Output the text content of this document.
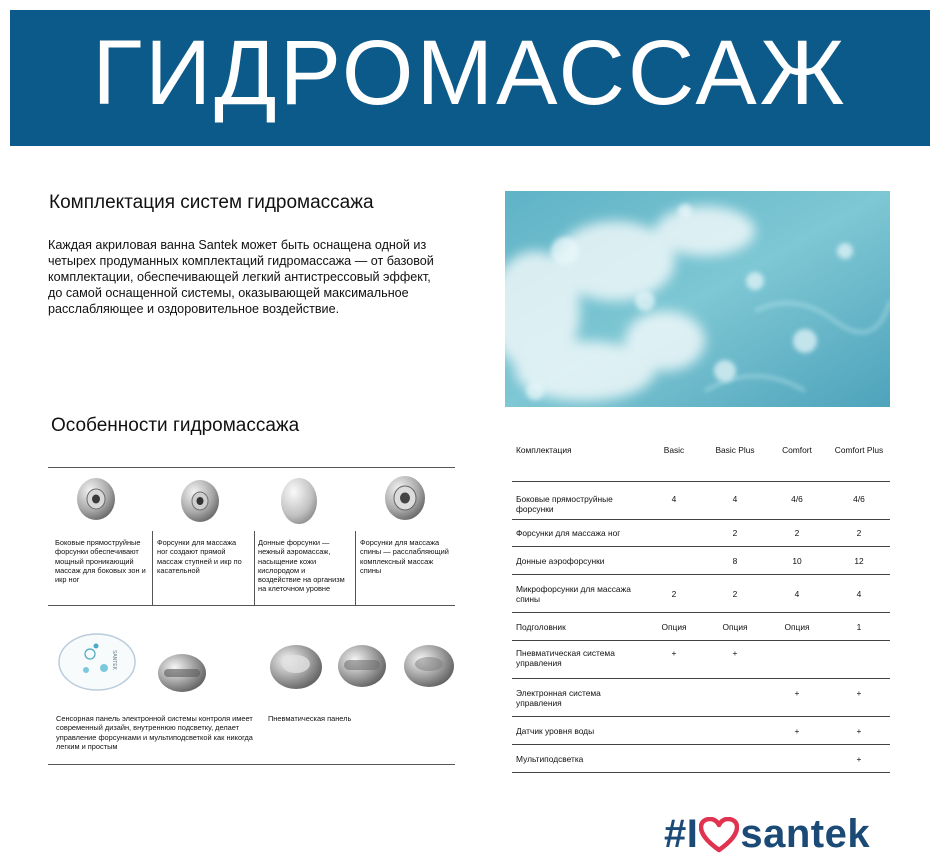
ГИДРОМАССАЖ
Комплектация систем гидромассажа
Каждая акриловая ванна Santek может быть оснащена одной из четырех продуманных комплектаций гидромассажа — от базовой комплектации, обеспечивающей легкий антистрессовый эффект, до самой оснащенной системы, оказывающей максимальное расслабляющее и оздоровительное воздействие.
Особенности гидромассажа
Боковые прямоструйные форсунки обеспечивают мощный проникающий массаж для боковых зон и икр ног
Форсунки для массажа ног создают прямой массаж ступней и икр по касательной
Донные форсунки — нежный аэромассаж, насыщение кожи кислородом и воздействие на организм на клеточном уровне
Форсунки для массажа спины — расслабляющий комплексный массаж спины
SANTEK
Сенсорная панель электронной системы контроля имеет современный дизайн, внутреннюю подсветку, делает управление форсунками и мультиподсветкой как никогда легким и простым
Пневматическая панель
Комплектация	Basic	Basic Plus	Comfort	Comfort Plus
Боковые прямоструйные форсунки	4	4	4/6	4/6
Форсунки для массажа ног		2	2	2
Донные аэрофорсунки		8	10	12
Микрофорсунки для массажа спины	2	2	4	4
Подголовник	Опция	Опция	Опция	1
Пневматическая система управления	+	+		
Электронная система управления			+	+
Датчик уровня воды			+	+
Мультиподсветка				+
#I santek
